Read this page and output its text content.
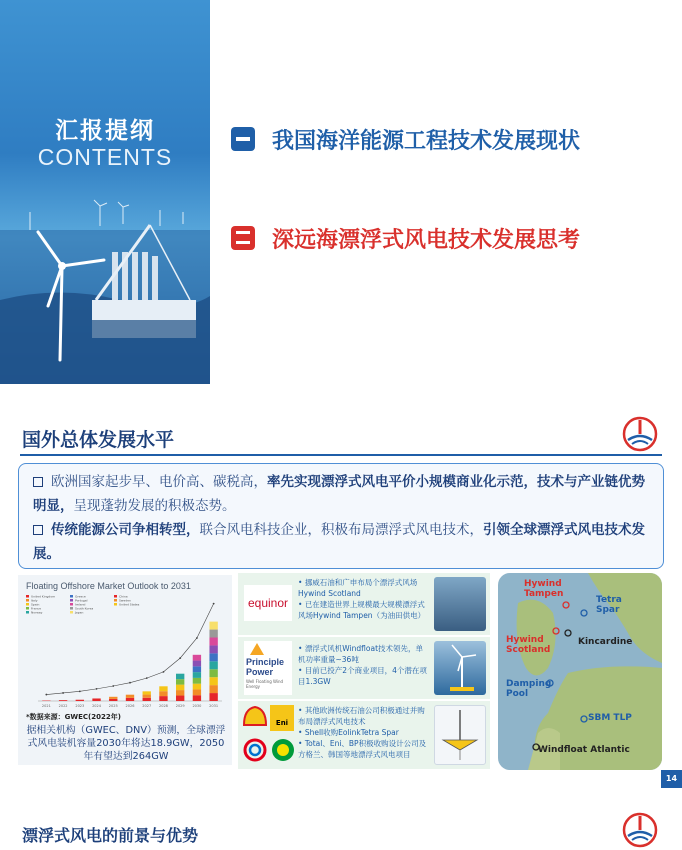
汇报提纲
CONTENTS
我国海洋能源工程技术发展现状
深远海漂浮式风电技术发展思考
国外总体发展水平
欧洲国家起步早、电价高、碳税高，率先实现漂浮式风电平价小规模商业化示范，技术与产业链优势明显，呈现蓬勃发展的积极态势。
传统能源公司争相转型，联合风电科技企业，积极布局漂浮式风电技术，引领全球漂浮式风电技术发展。
Floating Offshore Market Outlook to 2031
United Kingdom
Italy
Spain
France
Norway
Greece
Portugal
Ireland
South Korea
Japan
China
Sweden
United States
2021 2022 2023 2024 2025 2026 2027 2028 2029 2030 2031
*数据来源：GWEC(2022年)
据相关机构（GWEC、DNV）预测，全球漂浮式风电装机容量2030年将达18.9GW，2050年有望达到264GW
equinor
• 挪威石油和广申布局个漂浮式风场Hywind Scotland
• 已在建造世界上规模最大规模漂浮式风场Hywind Tampen（为油田供电）
Principle Power
Well Floating Wind Energy
• 漂浮式风机Windfloat技术领先，单机功率重量~36吨
• 目前已投产2个商业项目，4个潜在项目1.3GW
Eni
• 其他欧洲传统石油公司积极通过并购布局漂浮式风电技术
• Shell收购EolinkTetra Spar
• Total、Eni、BP积极收购设计公司及方格兰、韩国等地漂浮式风电项目
Hywind Tampen
Tetra Spar
Hywind Scotland
Kincardine
Damping Pool
SBM TLP
Windfloat Atlantic
14
漂浮式风电的前景与优势
